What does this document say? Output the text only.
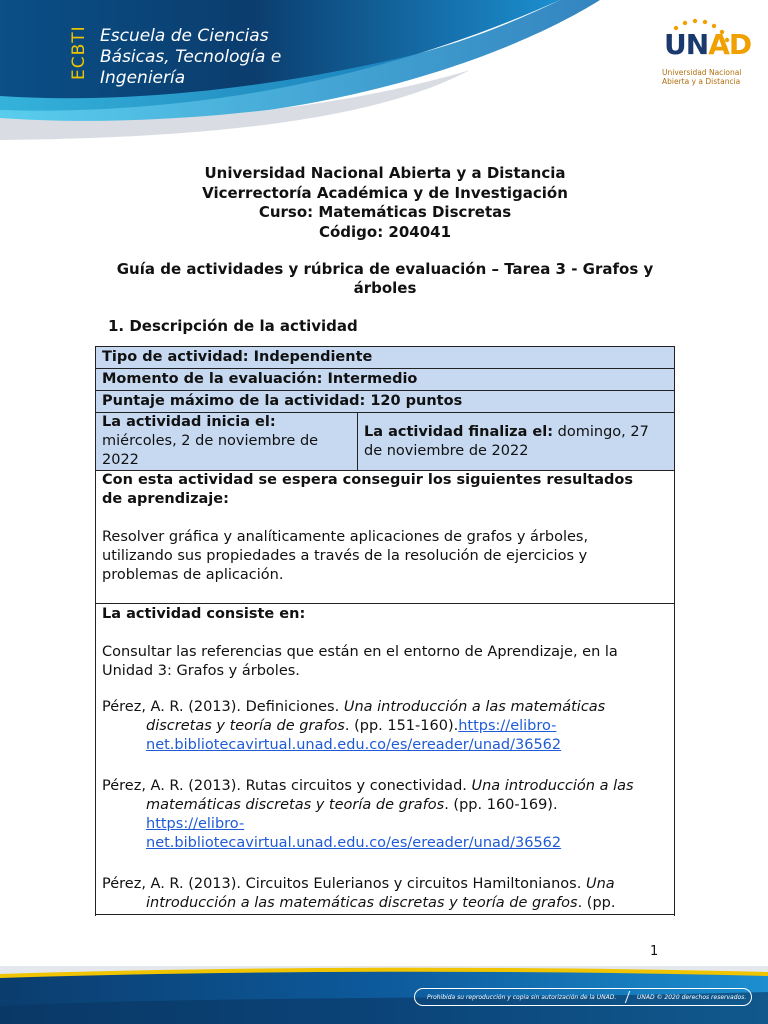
ECBTI Escuela de Ciencias
Básicas, Tecnología e
Ingeniería
UNAD
Universidad Nacional
Abierta y a Distancia
Universidad Nacional Abierta y a Distancia
Vicerrectoría Académica y de Investigación
Curso: Matemáticas Discretas
Código: 204041
Guía de actividades y rúbrica de evaluación – Tarea 3 - Grafos y
árboles
1. Descripción de la actividad
Tipo de actividad: Independiente
Momento de la evaluación: Intermedio
Puntaje máximo de la actividad: 120 puntos
La actividad inicia el:
miércoles, 2 de noviembre de
2022
La actividad finaliza el: domingo, 27
de noviembre de 2022

Con esta actividad se espera conseguir los siguientes resultados

de aprendizaje:

Resolver gráfica y analíticamente aplicaciones de grafos y árboles,

utilizando sus propiedades a través de la resolución de ejercicios y

problemas de aplicación.

La actividad consiste en:

Consultar las referencias que están en el entorno de Aprendizaje, en la

Unidad 3: Grafos y árboles.

Pérez, A. R. (2013). Definiciones. Una introducción a las matemáticas

discretas y teoría de grafos. (pp. 151-160).https://elibro-

net.bibliotecavirtual.unad.edu.co/es/ereader/unad/36562

Pérez, A. R. (2013). Rutas circuitos y conectividad. Una introducción a las

matemáticas discretas y teoría de grafos. (pp. 160-169).

https://elibro-

net.bibliotecavirtual.unad.edu.co/es/ereader/unad/36562

Pérez, A. R. (2013). Circuitos Eulerianos y circuitos Hamiltonianos. Una

introducción a las matemáticas discretas y teoría de grafos. (pp.

1
Prohibida su reproducción y copia sin autorización de la UNAD.	UNAD © 2020 derechos reservados.
